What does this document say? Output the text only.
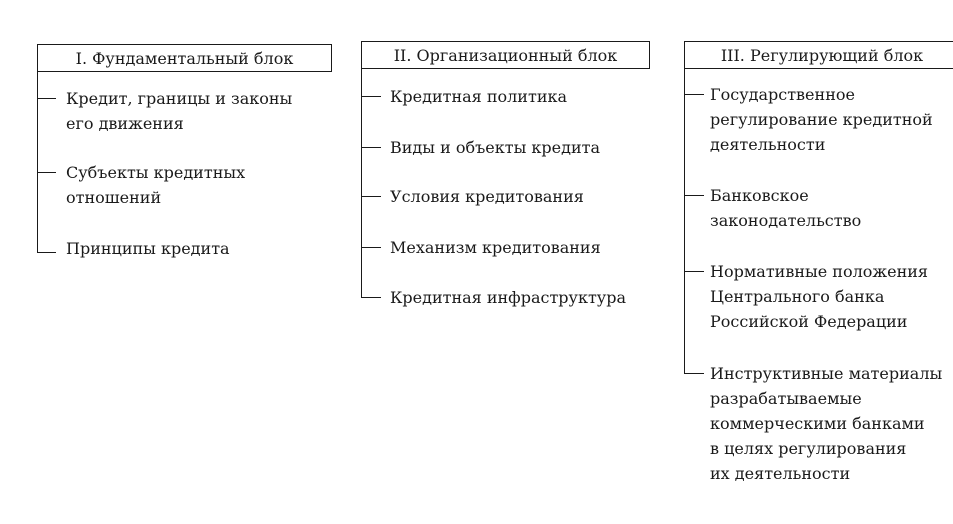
I. Фундаментальный блок
Кредит, границы и законы
его движения
Субъекты кредитных
отношений
Принципы кредита
II. Организационный блок
Кредитная политика
Виды и объекты кредита
Условия кредитования
Механизм кредитования
Кредитная инфраструктура
III. Регулирующий блок
Государственное
регулирование кредитной
деятельности
Банковское
законодательство
Нормативные положения
Центрального банка
Российской Федерации
Инструктивные материалы
разрабатываемые
коммерческими банками
в целях регулирования
их деятельности
